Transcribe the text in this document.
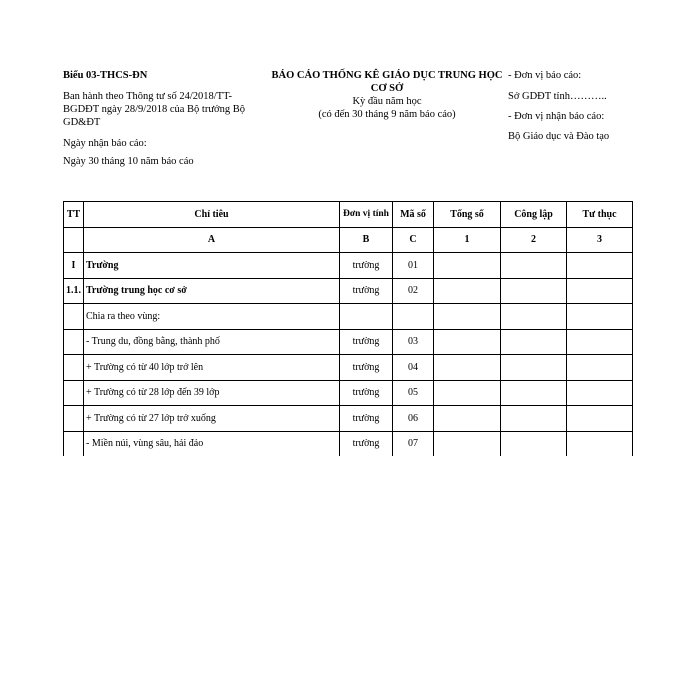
Biểu 03-THCS-ĐN
Ban hành theo Thông tư số 24/2018/TT-
BGDĐT ngày 28/9/2018 của Bộ trưởng Bộ
GD&ĐT
Ngày nhận báo cáo:
Ngày 30 tháng 10 năm báo cáo
BÁO CÁO THỐNG KÊ GIÁO DỤC TRUNG HỌC
CƠ SỞ
Kỳ đầu năm học
(có đến 30 tháng 9 năm báo cáo)
- Đơn vị báo cáo:
Sở GDĐT tỉnh………..
- Đơn vị nhận báo cáo:
Bộ Giáo dục và Đào tạo
TT	Chỉ tiêu	Đơn vị tính	Mã số	Tổng số	Công lập	Tư thục
	A	B	C	1	2	3
I	Trường	trường	01			
1.1.	Trường trung học cơ sở	trường	02			
	Chia ra theo vùng:					
	- Trung du, đồng bằng, thành phố	trường	03			
	+ Trường có từ 40 lớp trở lên	trường	04			
	+ Trường có từ 28 lớp đến 39 lớp	trường	05			
	+ Trường có từ 27 lớp trở xuống	trường	06			
	- Miền núi, vùng sâu, hải đảo	trường	07			
